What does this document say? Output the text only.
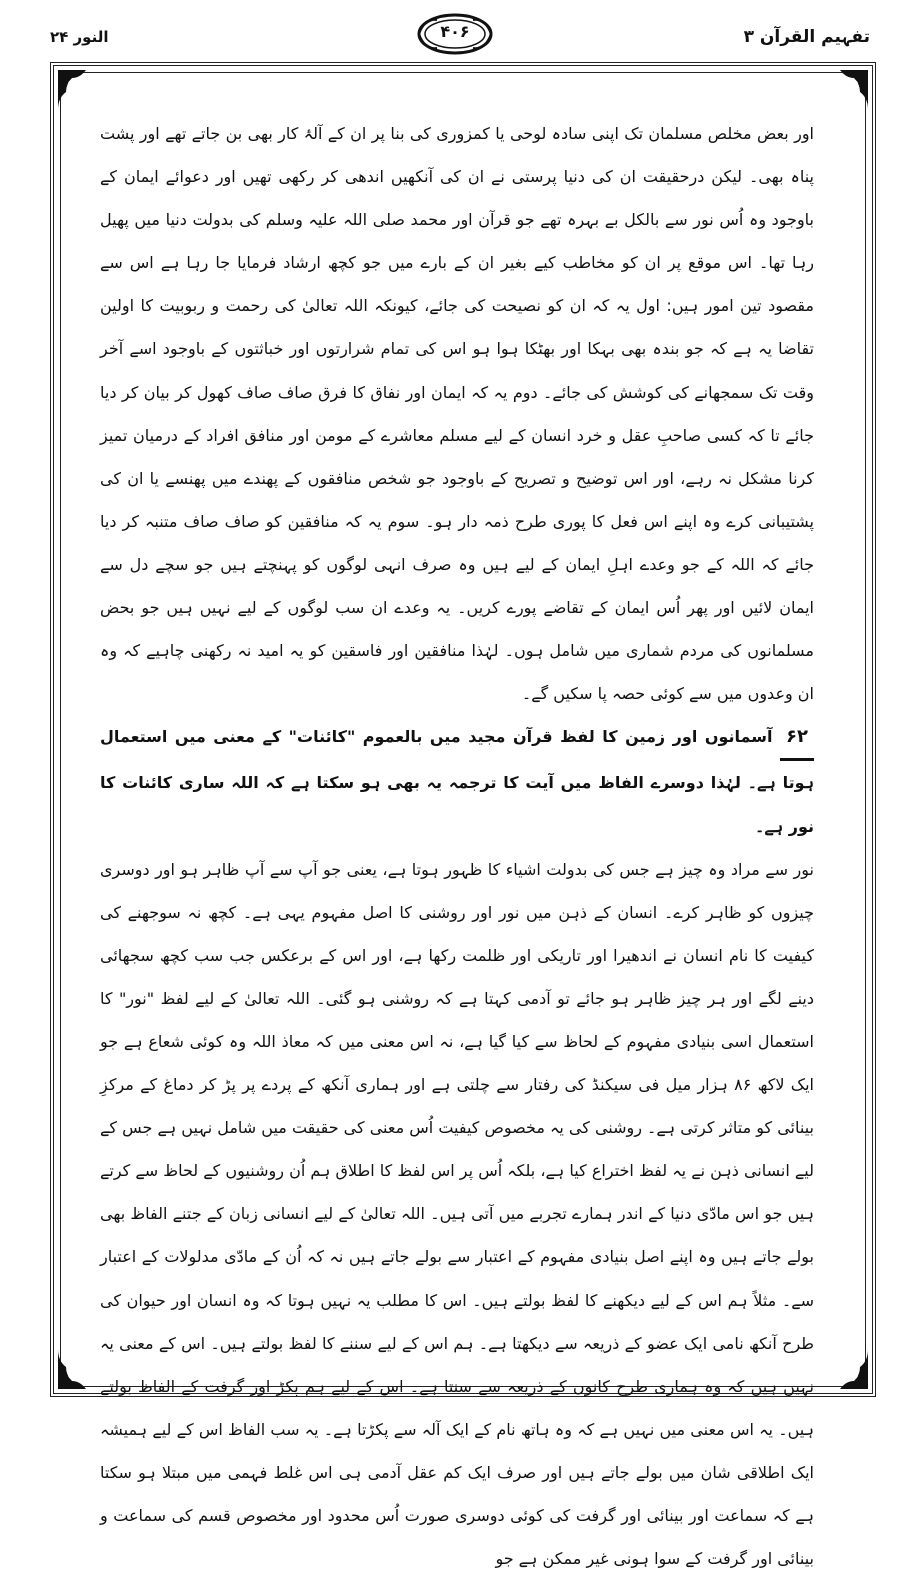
تفہیم القرآن ۳
۴۰۶
النور ۲۴

اور بعض مخلص مسلمان تک اپنی سادہ لوحی یا کمزوری کی بنا پر ان کے آلۂ کار بھی بن جاتے تھے اور پشت پناہ بھی۔ لیکن درحقیقت ان کی دنیا پرستی نے ان کی آنکھیں اندھی کر رکھی تھیں اور دعوائے ایمان کے باوجود وہ اُس نور سے بالکل بے بہرہ تھے جو قرآن اور محمد صلی اللہ علیہ وسلم کی بدولت دنیا میں پھیل رہا تھا۔ اس موقع پر ان کو مخاطب کیے بغیر ان کے بارے میں جو کچھ ارشاد فرمایا جا رہا ہے اس سے مقصود تین امور ہیں: اول یہ کہ ان کو نصیحت کی جائے، کیونکہ اللہ تعالیٰ کی رحمت و ربوبیت کا اولین تقاضا یہ ہے کہ جو بندہ بھی بہکا اور بھٹکا ہوا ہو اس کی تمام شرارتوں اور خباثتوں کے باوجود اسے آخر وقت تک سمجھانے کی کوشش کی جائے۔ دوم یہ کہ ایمان اور نفاق کا فرق صاف صاف کھول کر بیان کر دیا جائے تا کہ کسی صاحبِ عقل و خرد انسان کے لیے مسلم معاشرے کے مومن اور منافق افراد کے درمیان تمیز کرنا مشکل نہ رہے، اور اس توضیح و تصریح کے باوجود جو شخص منافقوں کے پھندے میں پھنسے یا ان کی پشتیبانی کرے وہ اپنے اس فعل کا پوری طرح ذمہ دار ہو۔ سوم یہ کہ منافقین کو صاف صاف متنبہ کر دیا جائے کہ اللہ کے جو وعدے اہلِ ایمان کے لیے ہیں وہ صرف انہی لوگوں کو پہنچتے ہیں جو سچے دل سے ایمان لائیں اور پھر اُس ایمان کے تقاضے پورے کریں۔ یہ وعدے ان سب لوگوں کے لیے نہیں ہیں جو بحض مسلمانوں کی مردم شماری میں شامل ہوں۔ لہٰذا منافقین اور فاسقین کو یہ امید نہ رکھنی چاہیے کہ وہ ان وعدوں میں سے کوئی حصہ پا سکیں گے۔

۶۲ آسمانوں اور زمین کا لفظ قرآن مجید میں بالعموم "کائنات" کے معنی میں استعمال ہوتا ہے۔ لہٰذا دوسرے الفاظ میں آیت کا ترجمہ یہ بھی ہو سکتا ہے کہ اللہ ساری کائنات کا نور ہے۔

نور سے مراد وہ چیز ہے جس کی بدولت اشیاء کا ظہور ہوتا ہے، یعنی جو آپ سے آپ ظاہر ہو اور دوسری چیزوں کو ظاہر کرے۔ انسان کے ذہن میں نور اور روشنی کا اصل مفہوم یہی ہے۔ کچھ نہ سوجھنے کی کیفیت کا نام انسان نے اندھیرا اور تاریکی اور ظلمت رکھا ہے، اور اس کے برعکس جب سب کچھ سجھائی دینے لگے اور ہر چیز ظاہر ہو جائے تو آدمی کہتا ہے کہ روشنی ہو گئی۔ اللہ تعالیٰ کے لیے لفظ "نور" کا استعمال اسی بنیادی مفہوم کے لحاظ سے کیا گیا ہے، نہ اس معنی میں کہ معاذ اللہ وہ کوئی شعاع ہے جو ایک لاکھ ۸۶ ہزار میل فی سیکنڈ کی رفتار سے چلتی ہے اور ہماری آنکھ کے پردے پر پڑ کر دماغ کے مرکزِ بینائی کو متاثر کرتی ہے۔ روشنی کی یہ مخصوص کیفیت اُس معنی کی حقیقت میں شامل نہیں ہے جس کے لیے انسانی ذہن نے یہ لفظ اختراع کیا ہے، بلکہ اُس پر اس لفظ کا اطلاق ہم اُن روشنیوں کے لحاظ سے کرتے ہیں جو اس مادّی دنیا کے اندر ہمارے تجربے میں آتی ہیں۔ اللہ تعالیٰ کے لیے انسانی زبان کے جتنے الفاظ بھی بولے جاتے ہیں وہ اپنے اصل بنیادی مفہوم کے اعتبار سے بولے جاتے ہیں نہ کہ اُن کے مادّی مدلولات کے اعتبار سے۔ مثلاً ہم اس کے لیے دیکھنے کا لفظ بولتے ہیں۔ اس کا مطلب یہ نہیں ہوتا کہ وہ انسان اور حیوان کی طرح آنکھ نامی ایک عضو کے ذریعہ سے دیکھتا ہے۔ ہم اس کے لیے سننے کا لفظ بولتے ہیں۔ اس کے معنی یہ نہیں ہیں کہ وہ ہماری طرح کانوں کے ذریعہ سے سنتا ہے۔ اس کے لیے ہم پکڑ اور گرفت کے الفاظ بولتے ہیں۔ یہ اس معنی میں نہیں ہے کہ وہ ہاتھ نام کے ایک آلہ سے پکڑتا ہے۔ یہ سب الفاظ اس کے لیے ہمیشہ ایک اطلاقی شان میں بولے جاتے ہیں اور صرف ایک کم عقل آدمی ہی اس غلط فہمی میں مبتلا ہو سکتا ہے کہ سماعت اور بینائی اور گرفت کی کوئی دوسری صورت اُس محدود اور مخصوص قسم کی سماعت و بینائی اور گرفت کے سوا ہونی غیر ممکن ہے جو
